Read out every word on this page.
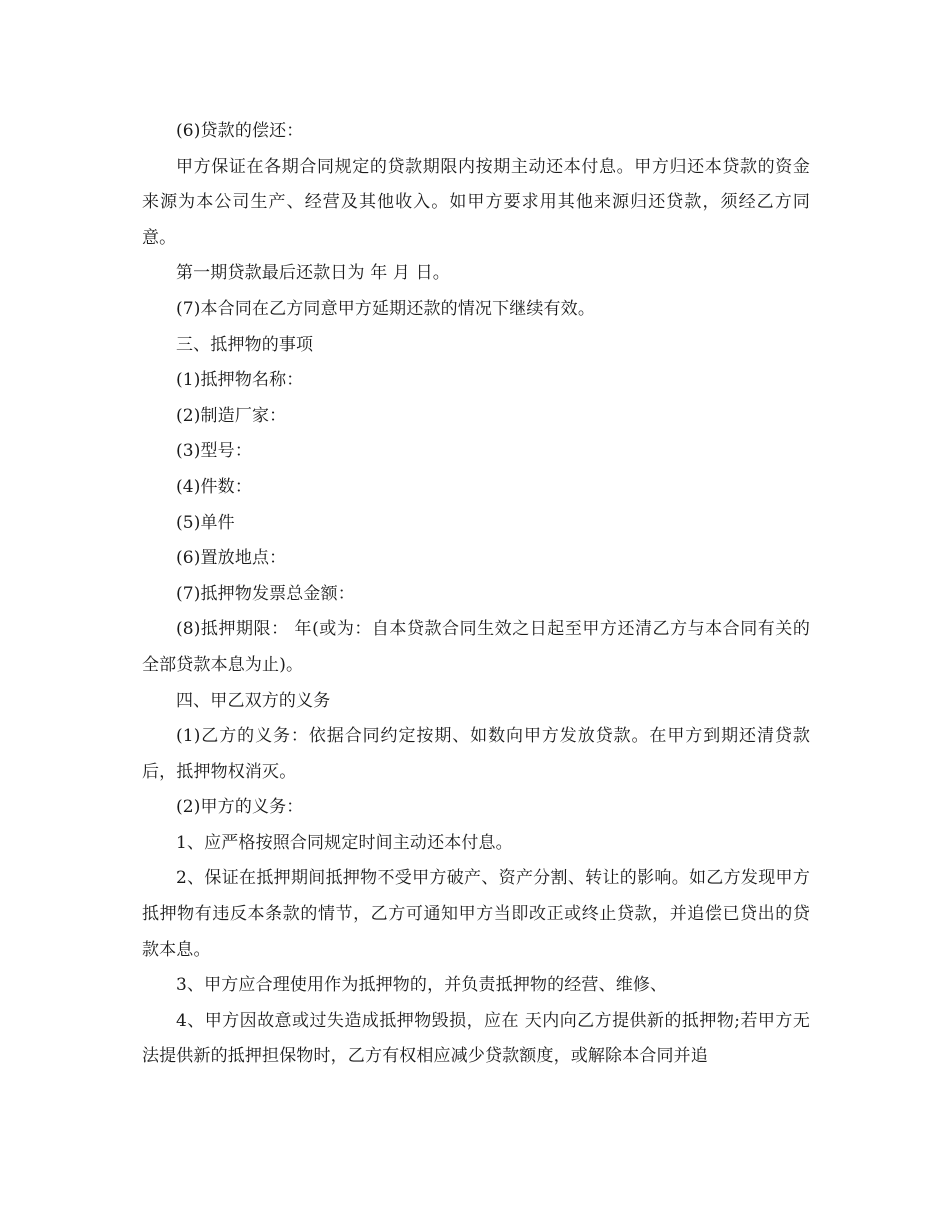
(6)贷款的偿还：

甲方保证在各期合同规定的贷款期限内按期主动还本付息。甲方归还本贷款的资金来源为本公司生产、经营及其他收入。如甲方要求用其他来源归还贷款，须经乙方同意。

第一期贷款最后还款日为 年 月 日。

(7)本合同在乙方同意甲方延期还款的情况下继续有效。

三、抵押物的事项

(1)抵押物名称：

(2)制造厂家：

(3)型号：

(4)件数：

(5)单件

(6)置放地点：

(7)抵押物发票总金额：

(8)抵押期限： 年(或为：自本贷款合同生效之日起至甲方还清乙方与本合同有关的全部贷款本息为止)。

四、甲乙双方的义务

(1)乙方的义务：依据合同约定按期、如数向甲方发放贷款。在甲方到期还清贷款后，抵押物权消灭。

(2)甲方的义务：

1、应严格按照合同规定时间主动还本付息。

2、保证在抵押期间抵押物不受甲方破产、资产分割、转让的影响。如乙方发现甲方抵押物有违反本条款的情节，乙方可通知甲方当即改正或终止贷款，并追偿已贷出的贷款本息。

3、甲方应合理使用作为抵押物的，并负责抵押物的经营、维修、

4、甲方因故意或过失造成抵押物毁损，应在 天内向乙方提供新的抵押物;若甲方无法提供新的抵押担保物时，乙方有权相应减少贷款额度，或解除本合同并追
